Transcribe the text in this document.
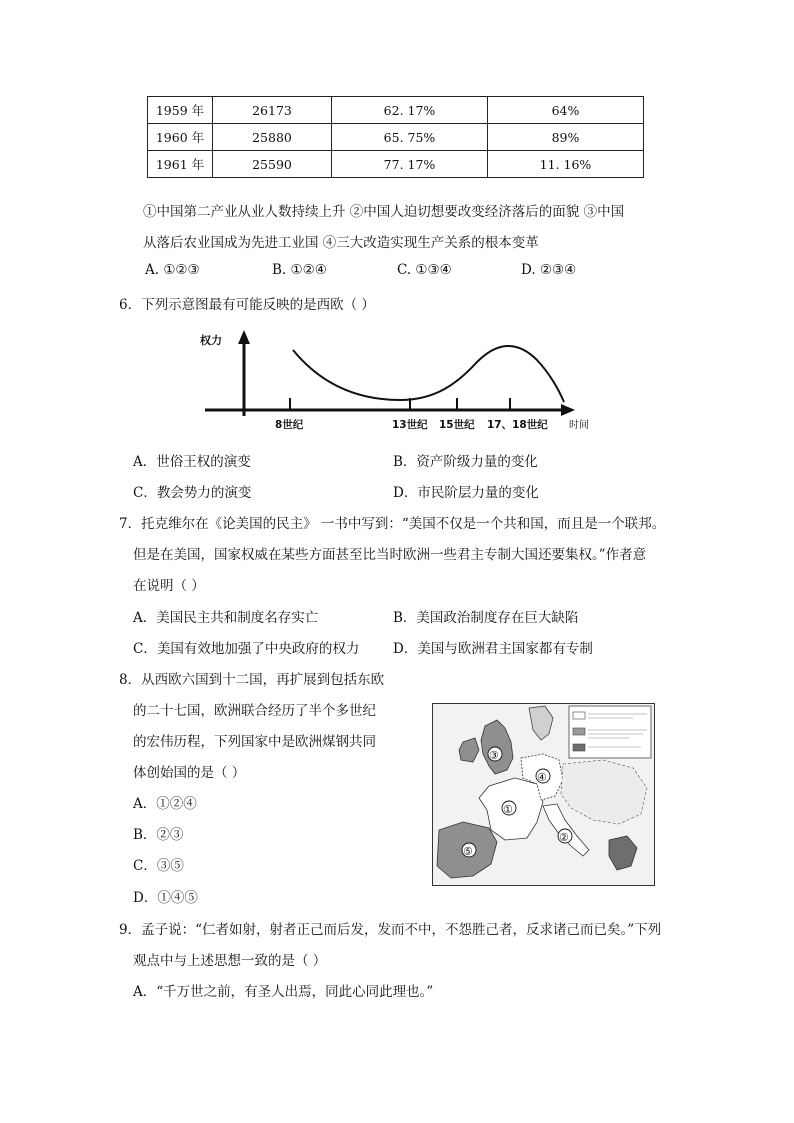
1959 年	26173	62. 17%	64%
1960 年	25880	65. 75%	89%
1961 年	25590	77. 17%	11. 16%
①中国第二产业从业人数持续上升 ②中国人迫切想要改变经济落后的面貌 ③中国
从落后农业国成为先进工业国 ④三大改造实现生产关系的根本变革
A. ①②③	B. ①②④	C. ①③④	D. ②③④
6．下列示意图最有可能反映的是西欧（ ）
权力
时间
8世纪	13世纪 15世纪 17、18世纪
A．世俗王权的演变	B．资产阶级力量的变化
C．教会势力的演变	D．市民阶层力量的变化
7．托克维尔在《论美国的民主》 一书中写到：“美国不仅是一个共和国，而且是一个联邦。
但是在美国，国家权威在某些方面甚至比当时欧洲一些君主专制大国还要集权。”作者意
在说明（ ）
A．美国民主共和制度名存实亡	B．美国政治制度存在巨大缺陷
C．美国有效地加强了中央政府的权力 D．美国与欧洲君主国家都有专制
8．从西欧六国到十二国，再扩展到包括东欧
的二十七国，欧洲联合经历了半个多世纪
的宏伟历程，下列国家中是欧洲煤钢共同
体创始国的是（ ）
A．①②④
B．②③
C．③⑤
D．①④⑤
③
④
①
②
⑤
9．孟子说：“仁者如射，射者正己而后发，发而不中，不怨胜己者，反求诸己而已矣。”下列
观点中与上述思想一致的是（ ）
A．“千万世之前，有圣人出焉，同此心同此理也。”
